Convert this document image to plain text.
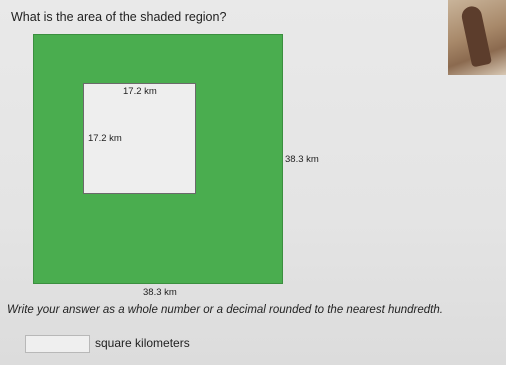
What is the area of the shaded region?
17.2 km
17.2 km
38.3 km
38.3 km
Write your answer as a whole number or a decimal rounded to the nearest hundredth.
square kilometers
